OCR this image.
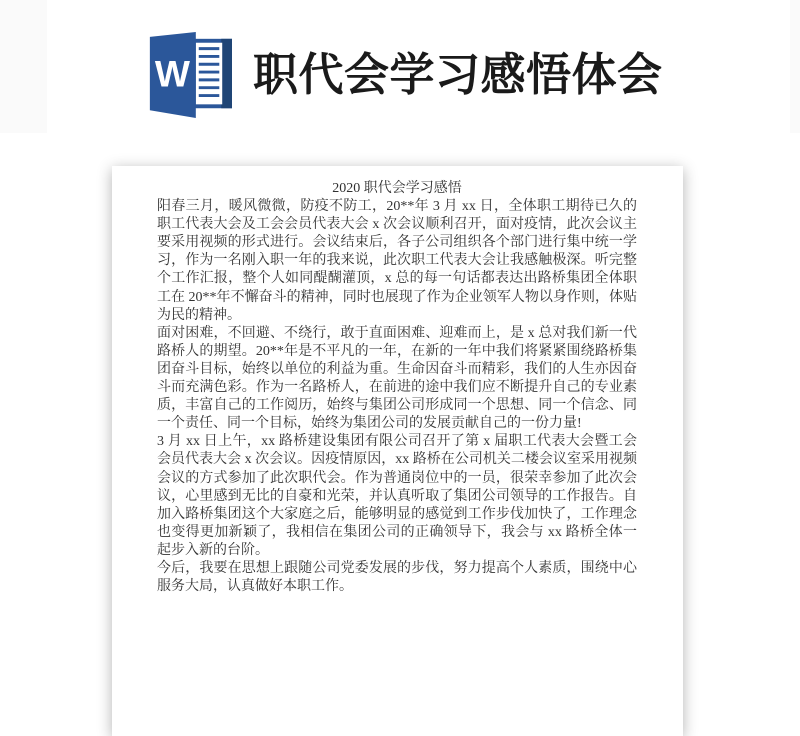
W 职代会学习感悟体会
2020 职代会学习感悟

阳春三月，暖风微微，防疫不防工，20**年 3 月 xx 日，全体职工期待已久的职工代表大会及工会会员代表大会 x 次会议顺利召开，面对疫情，此次会议主要采用视频的形式进行。会议结束后，各子公司组织各个部门进行集中统一学习，作为一名刚入职一年的我来说，此次职工代表大会让我感触极深。听完整个工作汇报，整个人如同醍醐灌顶，x 总的每一句话都表达出路桥集团全体职工在 20**年不懈奋斗的精神，同时也展现了作为企业领军人物以身作则，体贴为民的精神。

面对困难，不回避、不绕行，敢于直面困难、迎难而上，是 x 总对我们新一代路桥人的期望。20**年是不平凡的一年，在新的一年中我们将紧紧围绕路桥集团奋斗目标，始终以单位的利益为重。生命因奋斗而精彩，我们的人生亦因奋斗而充满色彩。作为一名路桥人，在前进的途中我们应不断提升自己的专业素质，丰富自己的工作阅历，始终与集团公司形成同一个思想、同一个信念、同一个责任、同一个目标，始终为集团公司的发展贡献自己的一份力量!

3 月 xx 日上午，xx 路桥建设集团有限公司召开了第 x 届职工代表大会暨工会会员代表大会 x 次会议。因疫情原因，xx 路桥在公司机关二楼会议室采用视频会议的方式参加了此次职代会。作为普通岗位中的一员，很荣幸参加了此次会议，心里感到无比的自豪和光荣，并认真听取了集团公司领导的工作报告。自加入路桥集团这个大家庭之后，能够明显的感觉到工作步伐加快了，工作理念也变得更加新颖了，我相信在集团公司的正确领导下，我会与 xx 路桥全体一起步入新的台阶。

今后，我要在思想上跟随公司党委发展的步伐，努力提高个人素质，围绕中心服务大局，认真做好本职工作。
